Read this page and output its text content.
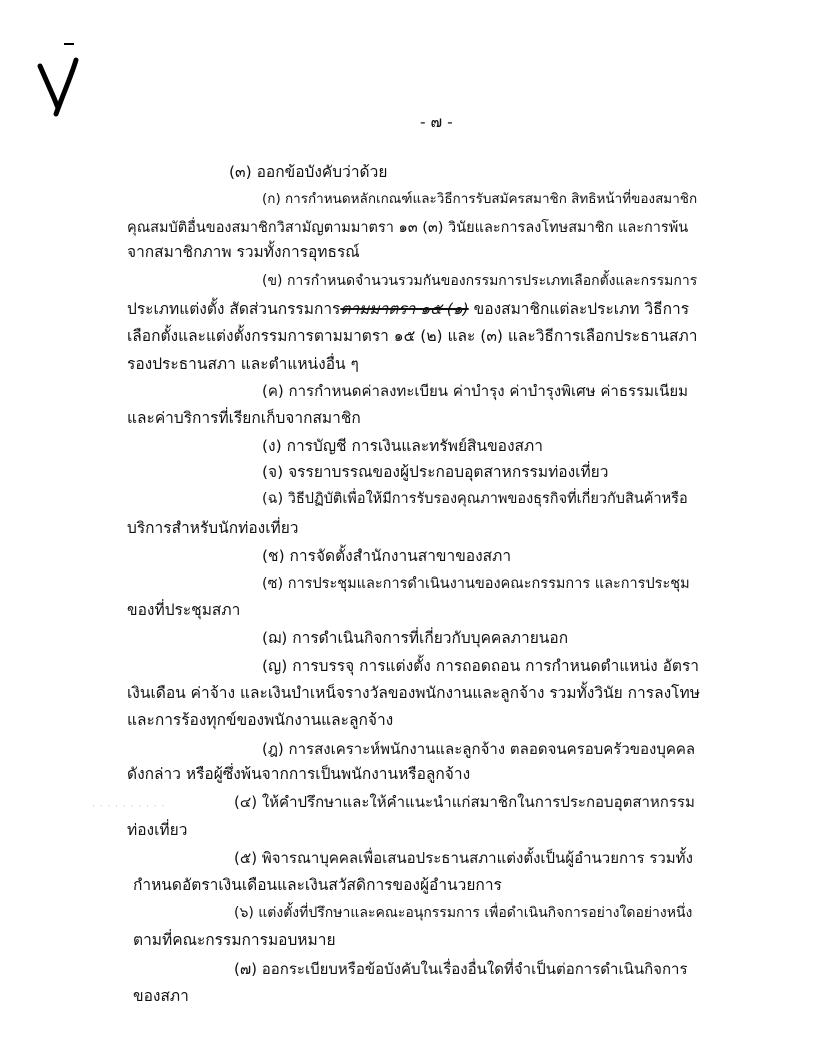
- ๗ -
(๓) ออกข้อบังคับว่าด้วย
(ก) การกำหนดหลักเกณฑ์และวิธีการรับสมัครสมาชิก สิทธิหน้าที่ของสมาชิก
คุณสมบัติอื่นของสมาชิกวิสามัญตามมาตรา ๑๓ (๓) วินัยและการลงโทษสมาชิก และการพ้น
จากสมาชิกภาพ รวมทั้งการอุทธรณ์
(ข) การกำหนดจำนวนรวมกันของกรรมการประเภทเลือกตั้งและกรรมการ
ประเภทแต่งตั้ง สัดส่วนกรรมการตามมาตรา ๑๕ (๑) ของสมาชิกแต่ละประเภท วิธีการ
เลือกตั้งและแต่งตั้งกรรมการตามมาตรา ๑๕ (๒) และ (๓) และวิธีการเลือกประธานสภา
รองประธานสภา และตำแหน่งอื่น ๆ
(ค) การกำหนดค่าลงทะเบียน ค่าบำรุง ค่าบำรุงพิเศษ ค่าธรรมเนียม
และค่าบริการที่เรียกเก็บจากสมาชิก
(ง) การบัญชี การเงินและทรัพย์สินของสภา
(จ) จรรยาบรรณของผู้ประกอบอุตสาหกรรมท่องเที่ยว
(ฉ) วิธีปฏิบัติเพื่อให้มีการรับรองคุณภาพของธุรกิจที่เกี่ยวกับสินค้าหรือ
บริการสำหรับนักท่องเที่ยว
(ช) การจัดตั้งสำนักงานสาขาของสภา
(ซ) การประชุมและการดำเนินงานของคณะกรรมการ และการประชุม
ของที่ประชุมสภา
(ฌ) การดำเนินกิจการที่เกี่ยวกับบุคคลภายนอก
(ญ) การบรรจุ การแต่งตั้ง การถอดถอน การกำหนดตำแหน่ง อัตรา
เงินเดือน ค่าจ้าง และเงินบำเหน็จรางวัลของพนักงานและลูกจ้าง รวมทั้งวินัย การลงโทษ
และการร้องทุกข์ของพนักงานและลูกจ้าง
(ฎ) การสงเคราะห์พนักงานและลูกจ้าง ตลอดจนครอบครัวของบุคคล
ดังกล่าว หรือผู้ซึ่งพ้นจากการเป็นพนักงานหรือลูกจ้าง
· · · · · · · · · ·	(๔) ให้คำปรึกษาและให้คำแนะนำแก่สมาชิกในการประกอบอุตสาหกรรม
ท่องเที่ยว
(๕) พิจารณาบุคคลเพื่อเสนอประธานสภาแต่งตั้งเป็นผู้อำนวยการ รวมทั้ง
กำหนดอัตราเงินเดือนและเงินสวัสดิการของผู้อำนวยการ
(๖) แต่งตั้งที่ปรึกษาและคณะอนุกรรมการ เพื่อดำเนินกิจการอย่างใดอย่างหนึ่ง
ตามที่คณะกรรมการมอบหมาย
(๗) ออกระเบียบหรือข้อบังคับในเรื่องอื่นใดที่จำเป็นต่อการดำเนินกิจการ
ของสภา
